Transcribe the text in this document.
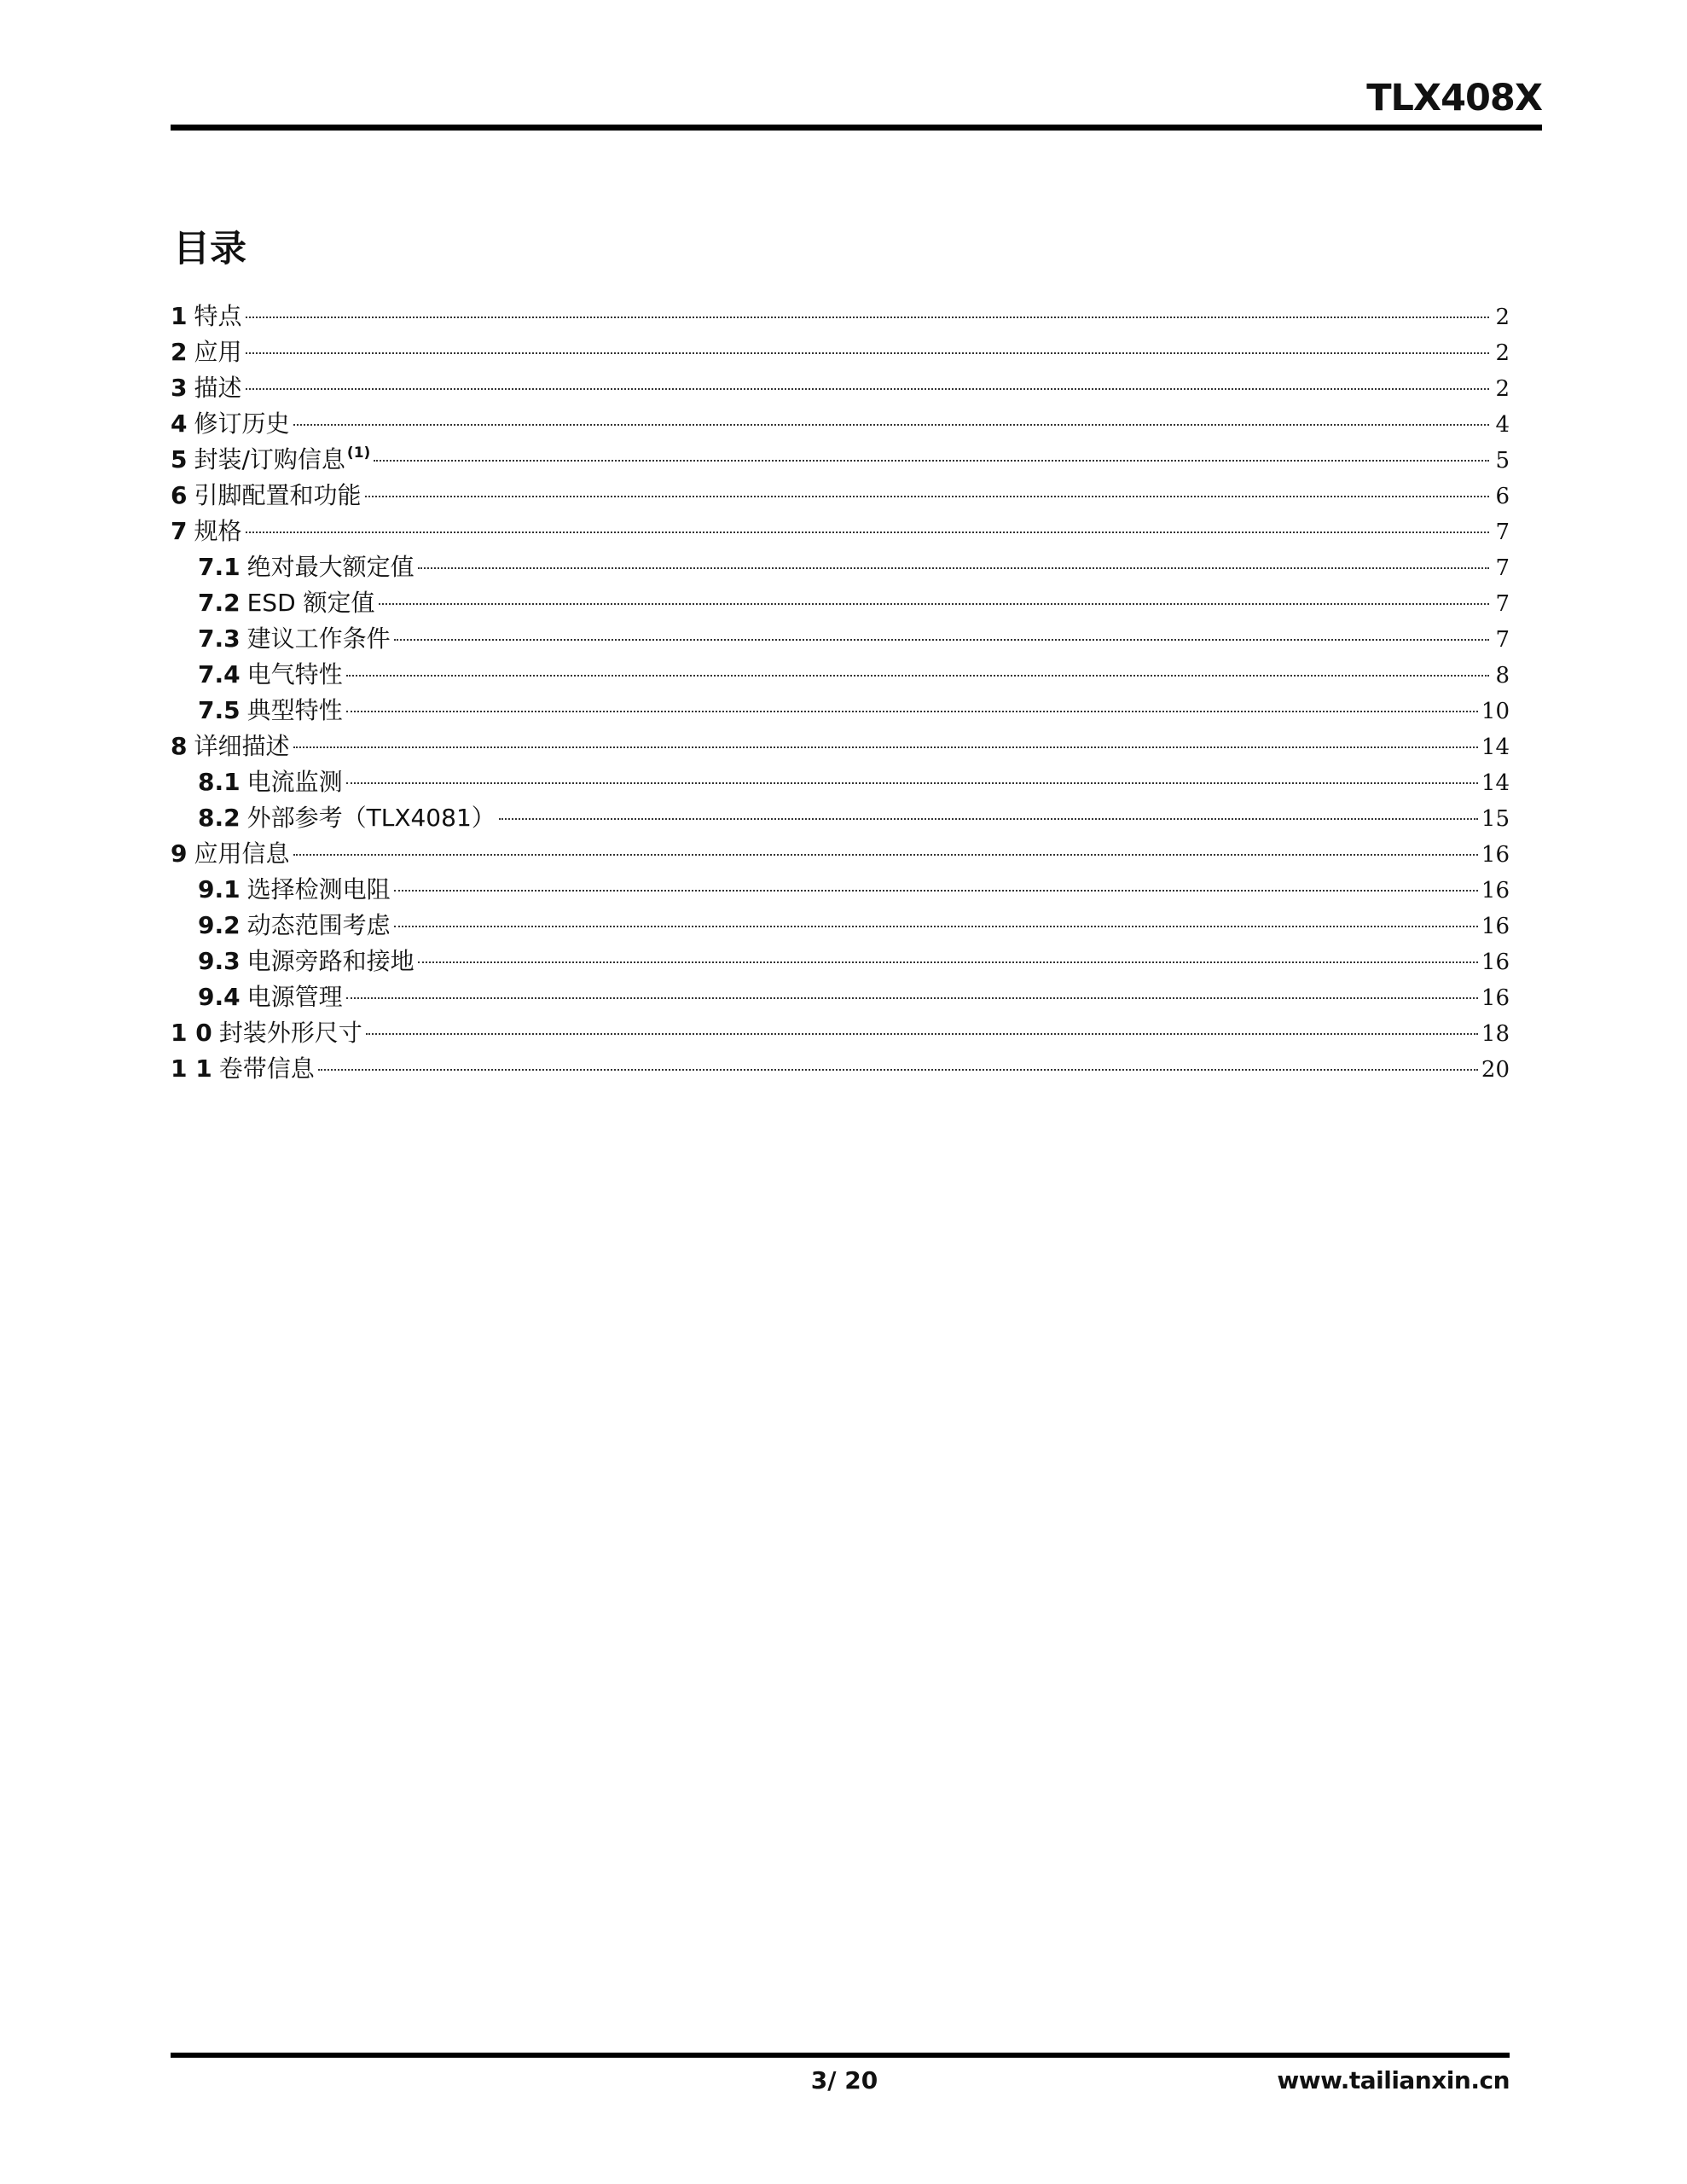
TLX408X
目录
1 特点	2
2 应用	2
3 描述	2
4 修订历史	4
5 封装/订购信息 (1)	5
6 引脚配置和功能	6
7 规格	7
7.1 绝对最大额定值	7
7.2 ESD 额定值	7
7.3 建议工作条件	7
7.4 电气特性	8
7.5 典型特性	10
8 详细描述	14
8.1 电流监测	14
8.2 外部参考（TLX4081）	15
9 应用信息	16
9.1 选择检测电阻	16
9.2 动态范围考虑	16
9.3 电源旁路和接地	16
9.4 电源管理	16
1 0 封装外形尺寸	18
1 1 卷带信息	20
3/ 20	www.tailianxin.cn
